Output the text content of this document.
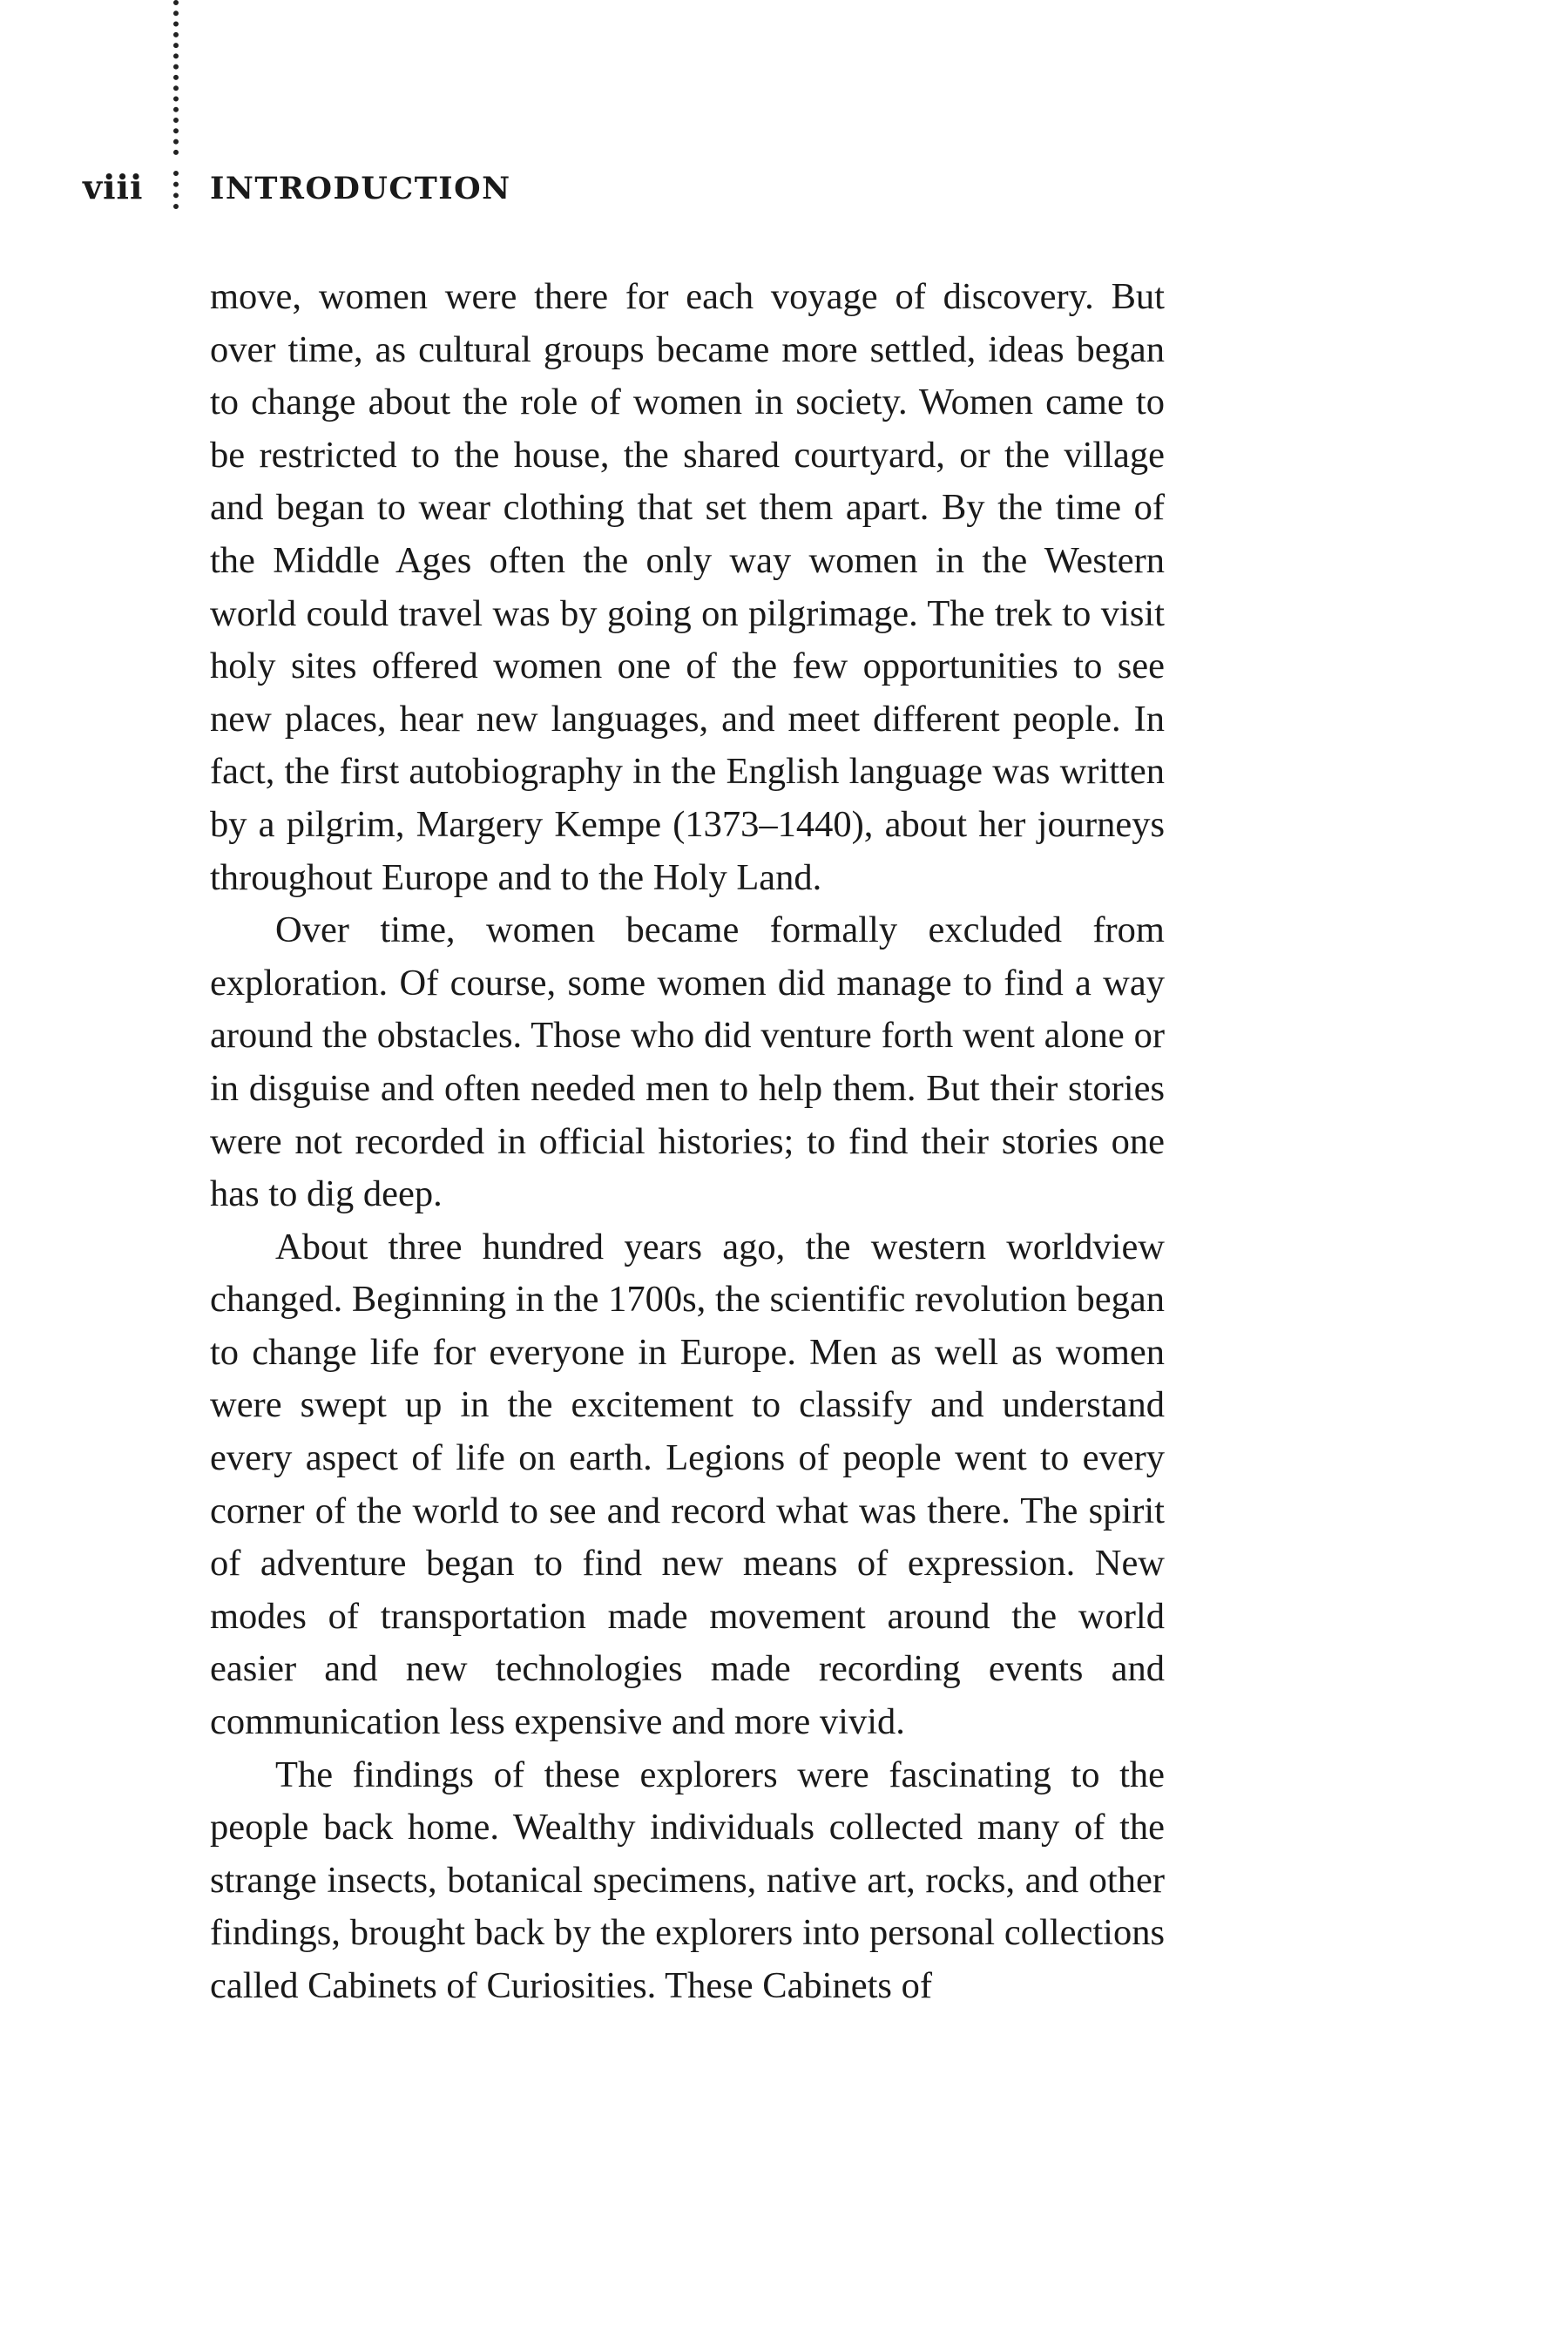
viii INTRODUCTION

move, women were there for each voyage of discovery. But over time, as cultural groups became more settled, ideas began to change about the role of women in society. Women came to be restricted to the house, the shared courtyard, or the village and began to wear clothing that set them apart. By the time of the Middle Ages often the only way women in the Western world could travel was by going on pilgrimage. The trek to visit holy sites offered women one of the few opportunities to see new places, hear new languages, and meet different people. In fact, the first autobiography in the English language was written by a pilgrim, Margery Kempe (1373–1440), about her journeys throughout Europe and to the Holy Land.

Over time, women became formally excluded from exploration. Of course, some women did manage to find a way around the obstacles. Those who did venture forth went alone or in disguise and often needed men to help them. But their stories were not recorded in official histories; to find their stories one has to dig deep.

About three hundred years ago, the western worldview changed. Beginning in the 1700s, the scientific revolution began to change life for everyone in Europe. Men as well as women were swept up in the excitement to classify and understand every aspect of life on earth. Legions of people went to every corner of the world to see and record what was there. The spirit of adventure began to find new means of expression. New modes of transportation made movement around the world easier and new technologies made recording events and communication less expensive and more vivid.

The findings of these explorers were fascinating to the people back home. Wealthy individuals collected many of the strange insects, botanical specimens, native art, rocks, and other findings, brought back by the explorers into personal collections called Cabinets of Curiosities. These Cabinets of
